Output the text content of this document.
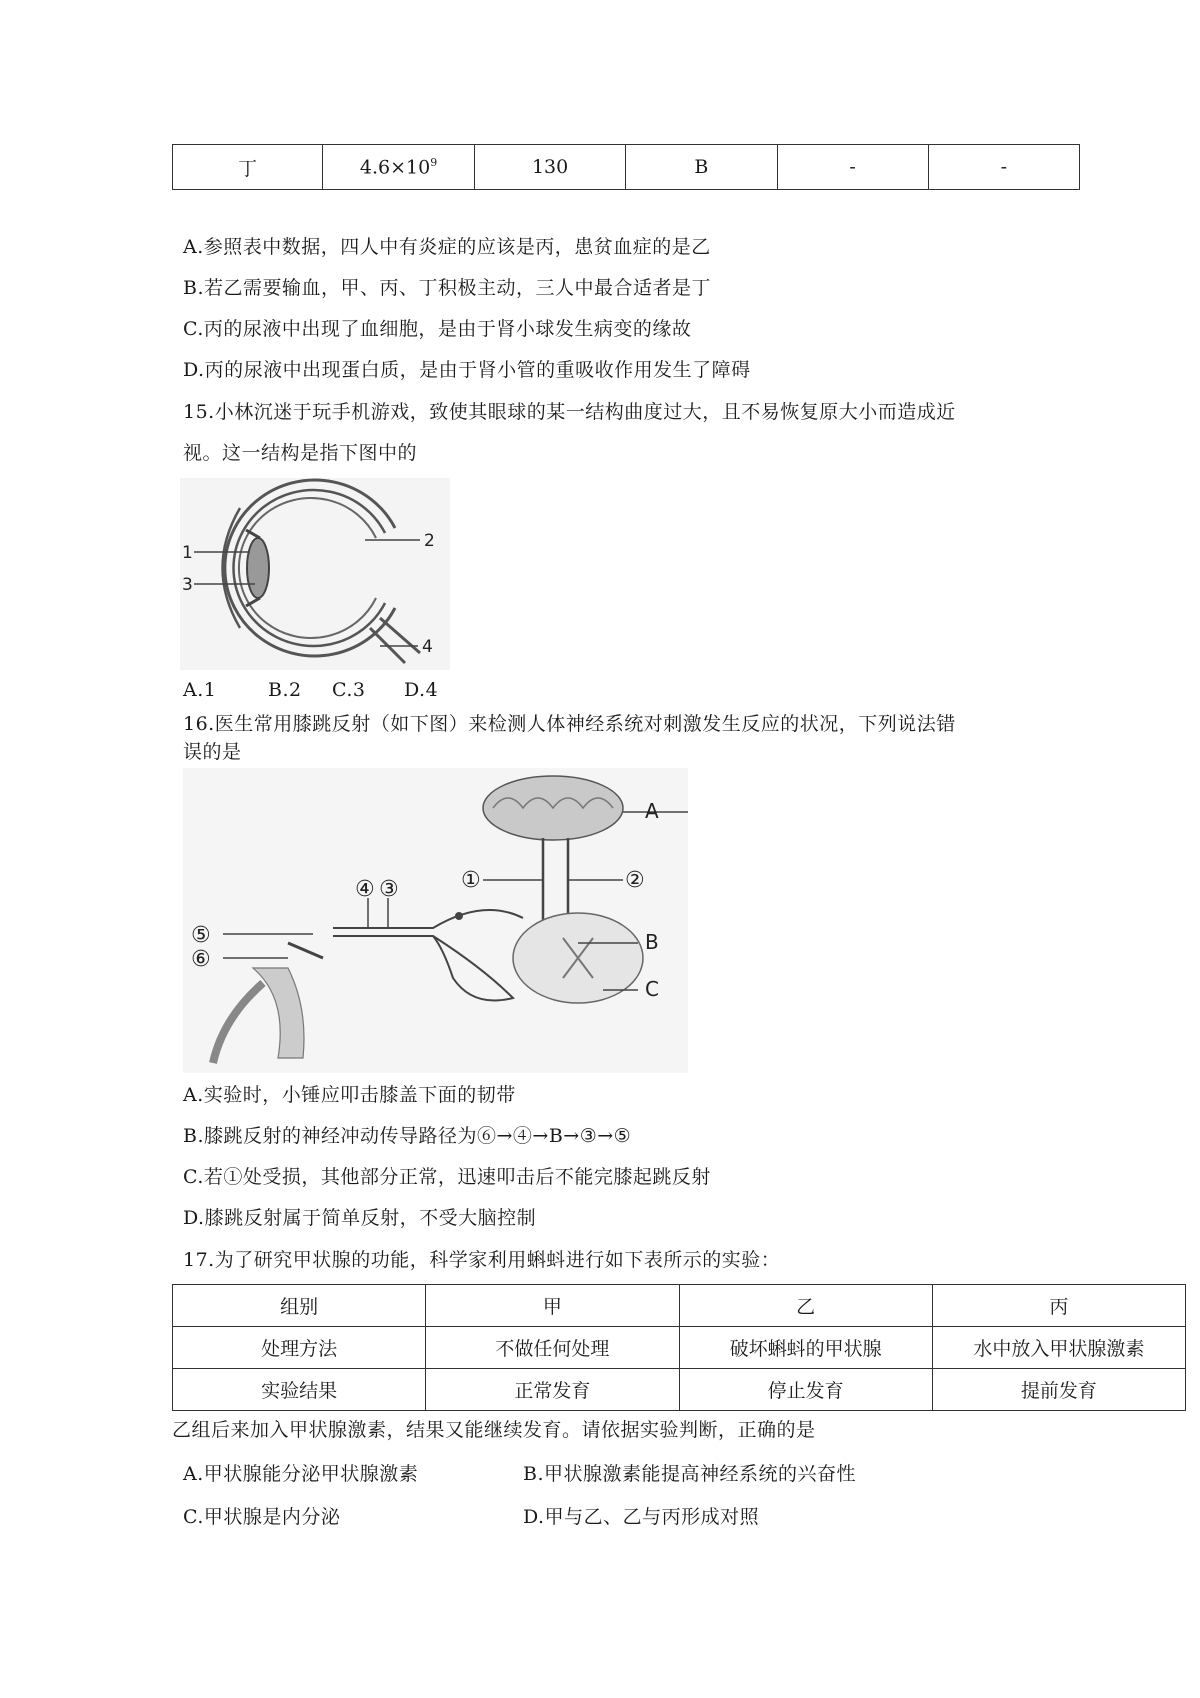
丁	$4.6\times 10^9$	130	B	-	-
A.参照表中数据，四人中有炎症的应该是丙，患贫血症的是乙
B.若乙需要输血，甲、丙、丁积极主动，三人中最合适者是丁
C.丙的尿液中出现了血细胞，是由于肾小球发生病变的缘故
D.丙的尿液中出现蛋白质，是由于肾小管的重吸收作用发生了障碍
15.小林沉迷于玩手机游戏，致使其眼球的某一结构曲度过大，且不易恢复原大小而造成近
视。这一结构是指下图中的
1
3
2
4
A.1	B.2 C.3 D.4
16.医生常用膝跳反射（如下图）来检测人体神经系统对刺激发生反应的状况，下列说法错
误的是
A
①	②
④ ③
⑤
⑥
B
C
A.实验时，小锤应叩击膝盖下面的韧带
B.膝跳反射的神经冲动传导路径为⑥→④→B→③→⑤
C.若①处受损，其他部分正常，迅速叩击后不能完膝起跳反射
D.膝跳反射属于简单反射，不受大脑控制
17.为了研究甲状腺的功能，科学家利用蝌蚪进行如下表所示的实验：
组别	甲	乙	丙
处理方法	不做任何处理	破坏蝌蚪的甲状腺	水中放入甲状腺激素
实验结果	正常发育	停止发育	提前发育
乙组后来加入甲状腺激素，结果又能继续发育。请依据实验判断，正确的是
A.甲状腺能分泌甲状腺激素	B.甲状腺激素能提高神经系统的兴奋性
C.甲状腺是内分泌	D.甲与乙、乙与丙形成对照
